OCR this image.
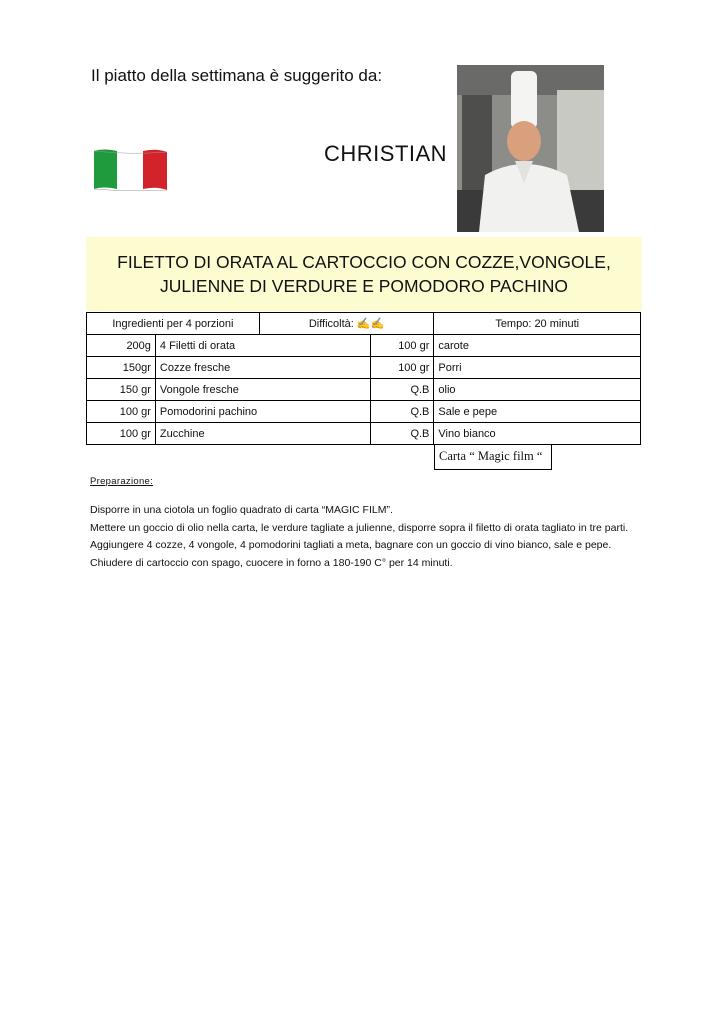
Il piatto della settimana è suggerito da:
CHRISTIAN
FILETTO DI ORATA AL CARTOCCIO CON COZZE,VONGOLE, JULIENNE DI VERDURE E POMODORO PACHINO
Ingredienti per 4 porzioni		Difficoltà: ✍✍		Tempo: 20 minuti
200g	4 Filetti di orata		100 gr	carote
150gr	Cozze fresche		100 gr	Porri
150 gr	Vongole fresche		Q.B	olio
100 gr	Pomodorini pachino		Q.B	Sale e pepe
100 gr	Zucchine		Q.B	Vino bianco
Carta “ Magic film “
Preparazione:

Disporre in una ciotola un foglio quadrato di carta “MAGIC FILM”.

Mettere un goccio di olio nella carta, le verdure tagliate a julienne, disporre sopra il filetto di orata tagliato in tre parti.

Aggiungere 4 cozze, 4 vongole, 4 pomodorini tagliati a meta, bagnare con un goccio di vino bianco, sale e pepe.

Chiudere di cartoccio con spago, cuocere in forno a 180-190 C° per 14 minuti.
